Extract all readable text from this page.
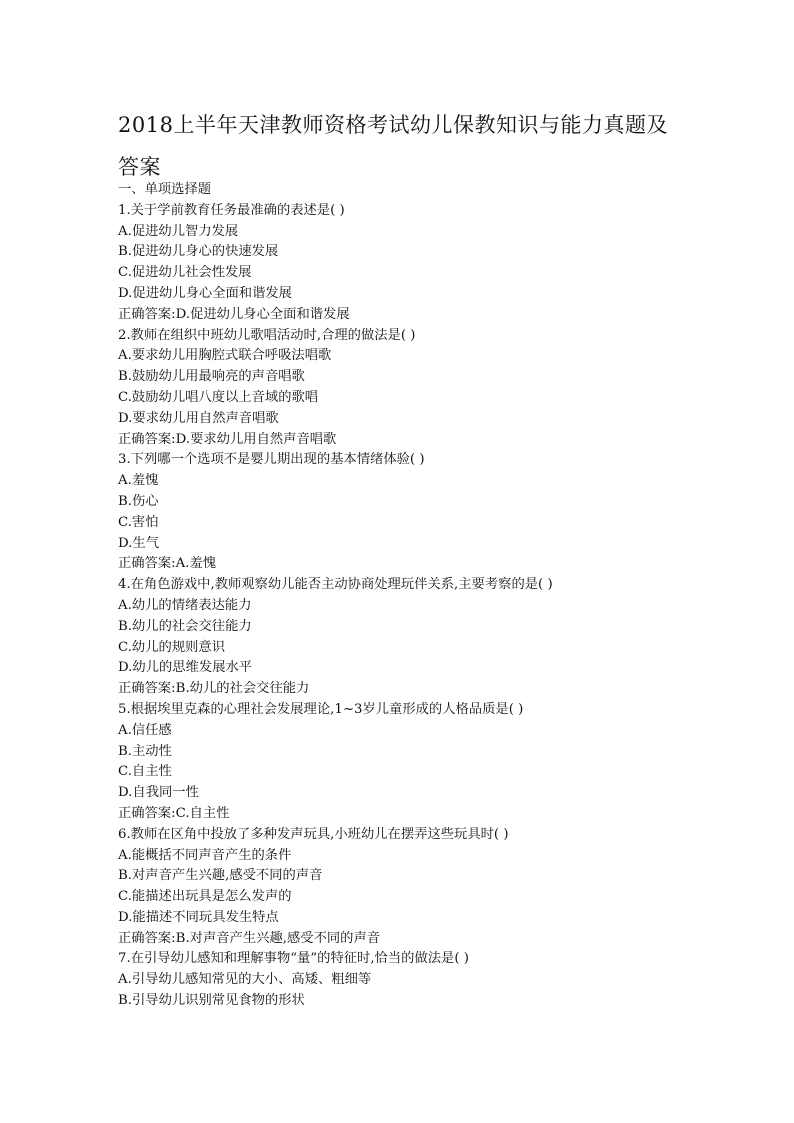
2018上半年天津教师资格考试幼儿保教知识与能力真题及
答案
一、单项选择题
1.关于学前教育任务最准确的表述是( )
A.促进幼儿智力发展
B.促进幼儿身心的快速发展
C.促进幼儿社会性发展
D.促进幼儿身心全面和谐发展
正确答案:D.促进幼儿身心全面和谐发展
2.教师在组织中班幼儿歌唱活动时,合理的做法是( )
A.要求幼儿用胸腔式联合呼吸法唱歌
B.鼓励幼儿用最响亮的声音唱歌
C.鼓励幼儿唱八度以上音域的歌唱
D.要求幼儿用自然声音唱歌
正确答案:D.要求幼儿用自然声音唱歌
3.下列哪一个选项不是婴儿期出现的基本情绪体验( )
A.羞愧
B.伤心
C.害怕
D.生气
正确答案:A.羞愧
4.在角色游戏中,教师观察幼儿能否主动协商处理玩伴关系,主要考察的是( )
A.幼儿的情绪表达能力
B.幼儿的社会交往能力
C.幼儿的规则意识
D.幼儿的思维发展水平
正确答案:B.幼儿的社会交往能力
5.根据埃里克森的心理社会发展理论,1~3岁儿童形成的人格品质是( )
A.信任感
B.主动性
C.自主性
D.自我同一性
正确答案:C.自主性
6.教师在区角中投放了多种发声玩具,小班幼儿在摆弄这些玩具时( )
A.能概括不同声音产生的条件
B.对声音产生兴趣,感受不同的声音
C.能描述出玩具是怎么发声的
D.能描述不同玩具发生特点
正确答案:B.对声音产生兴趣,感受不同的声音
7.在引导幼儿感知和理解事物“量”的特征时,恰当的做法是( )
A.引导幼儿感知常见的大小、高矮、粗细等
B.引导幼儿识别常见食物的形状
